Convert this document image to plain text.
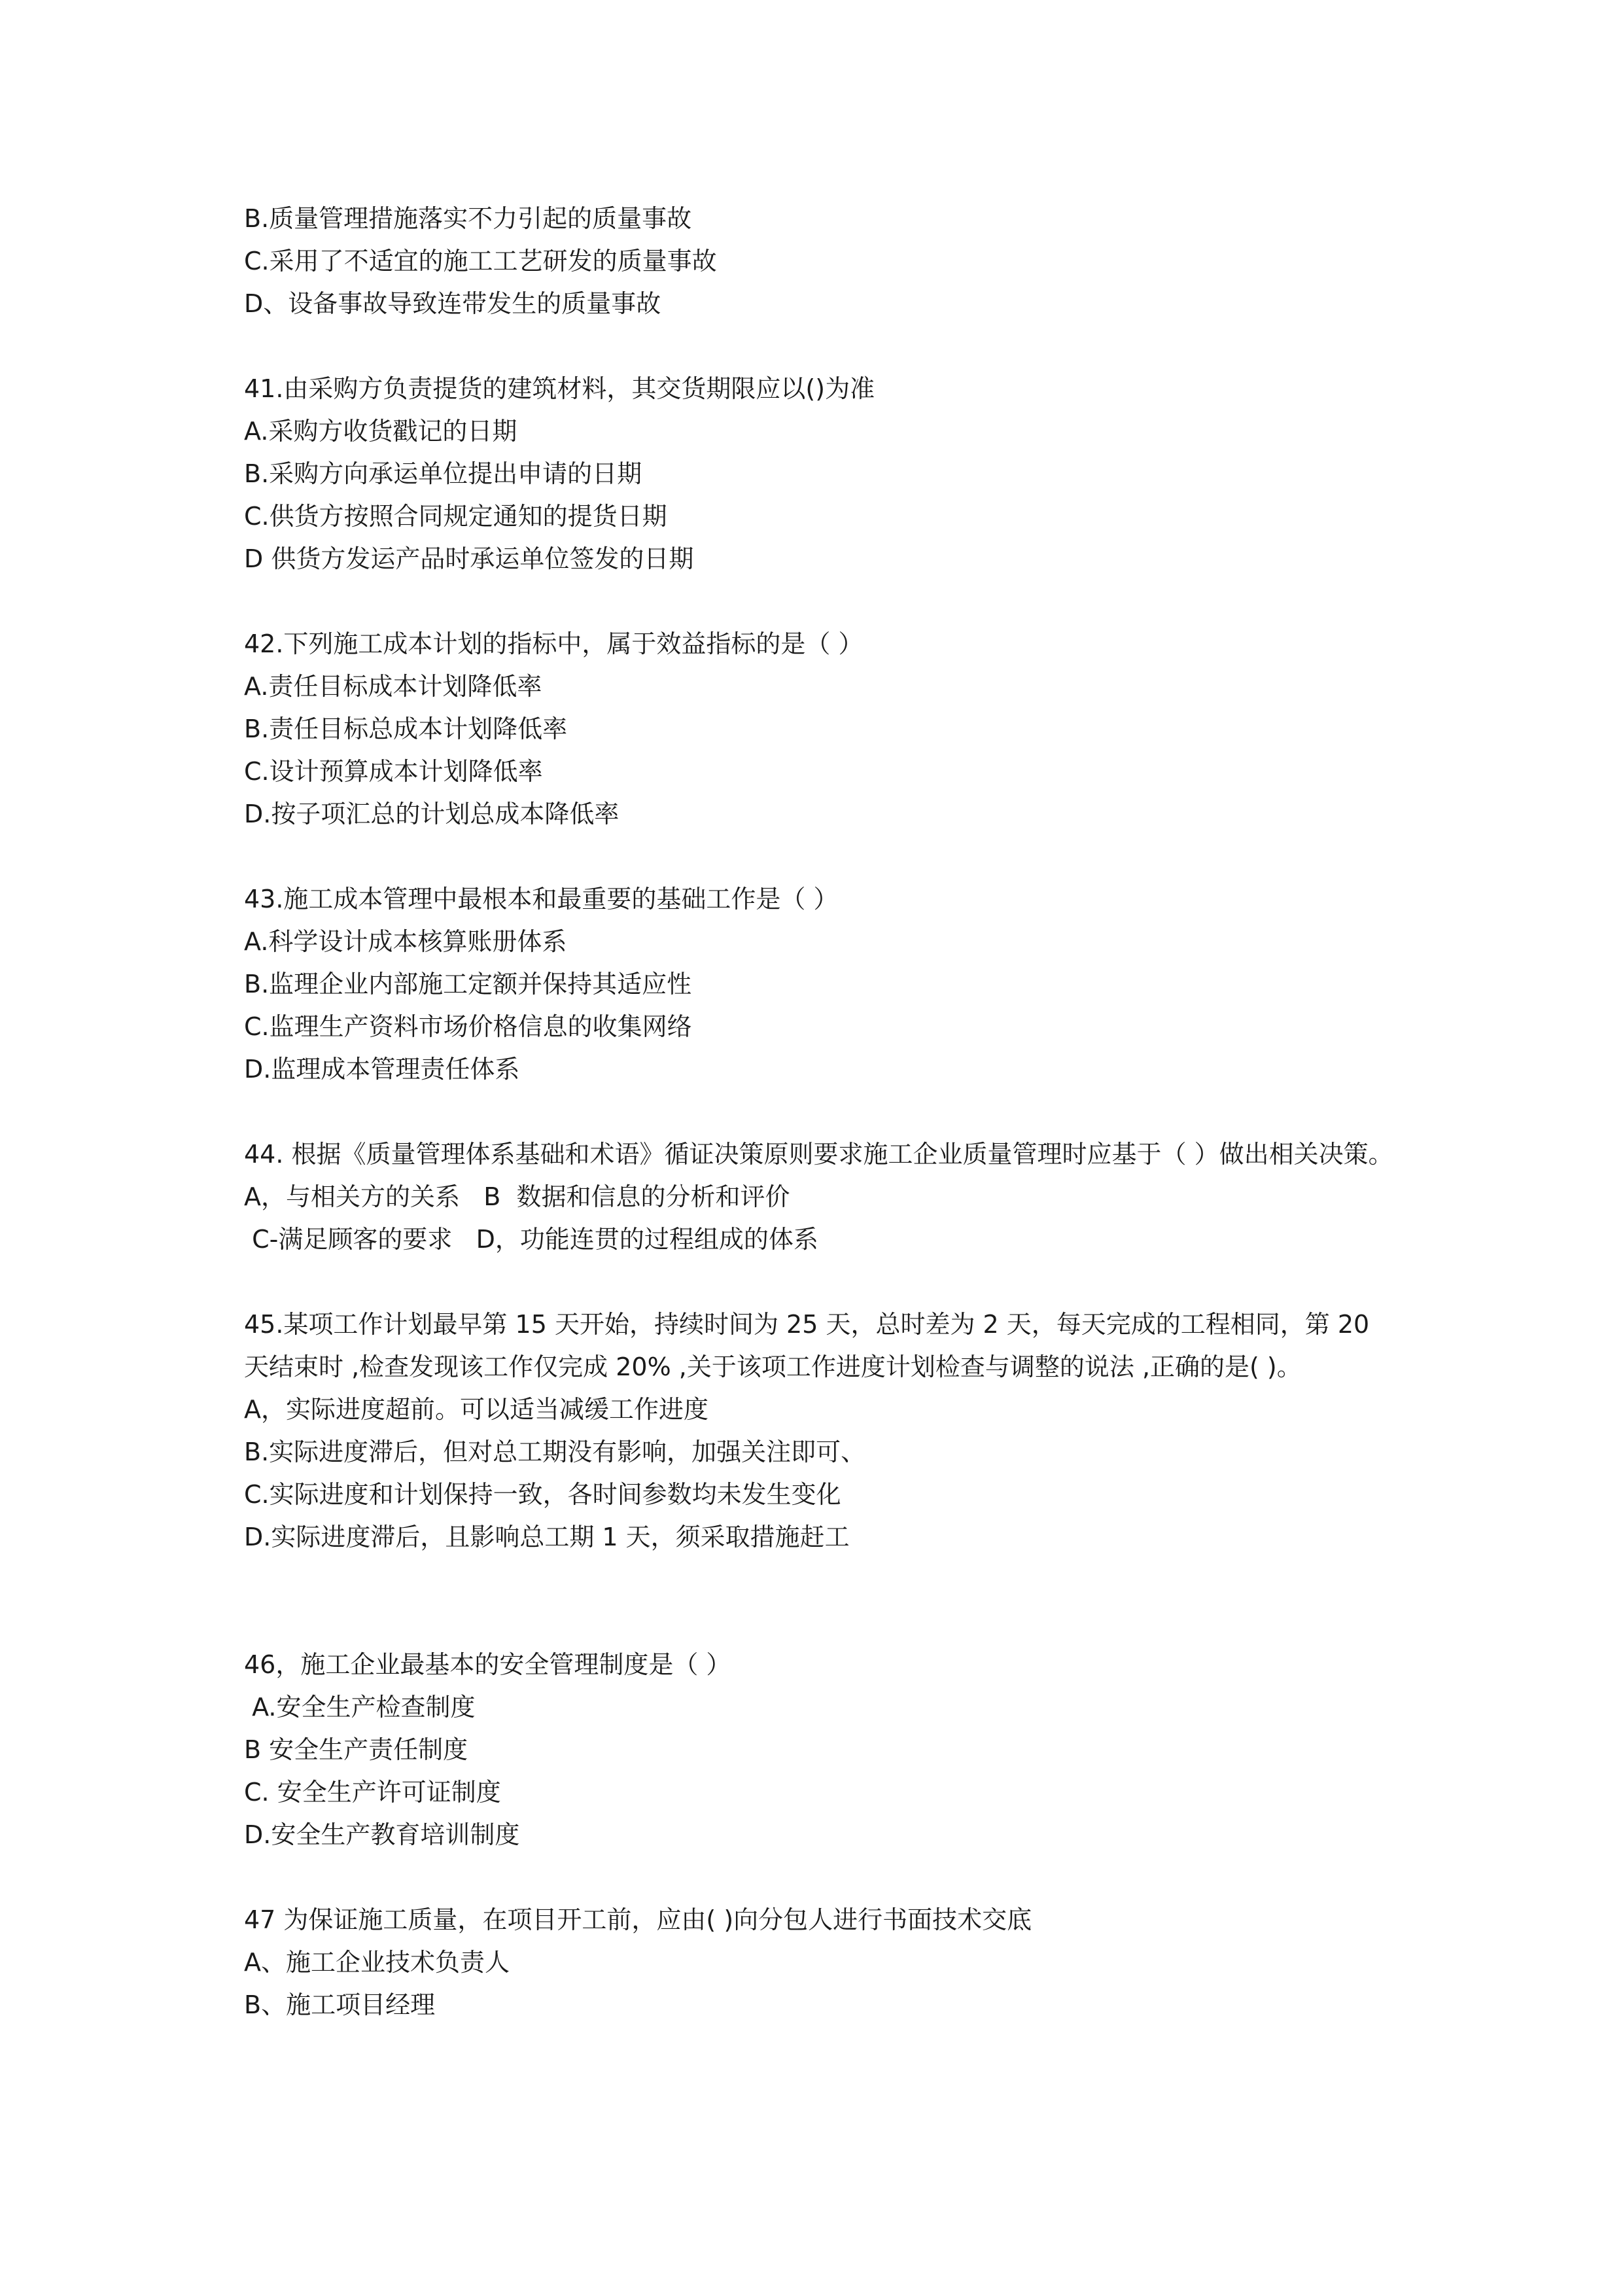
B.质量管理措施落实不力引起的质量事故
C.采用了不适宜的施工工艺研发的质量事故
D、设备事故导致连带发生的质量事故
41.由采购方负责提货的建筑材料，其交货期限应以()为准
A.采购方收货戳记的日期
B.采购方向承运单位提出申请的日期
C.供货方按照合同规定通知的提货日期
D 供货方发运产品时承运单位签发的日期
42.下列施工成本计划的指标中，属于效益指标的是（ ）
A.责任目标成本计划降低率
B.责任目标总成本计划降低率
C.设计预算成本计划降低率
D.按子项汇总的计划总成本降低率
43.施工成本管理中最根本和最重要的基础工作是（ ）
A.科学设计成本核算账册体系
B.监理企业内部施工定额并保持其适应性
C.监理生产资料市场价格信息的收集网络
D.监理成本管理责任体系
44. 根据《质量管理体系基础和术语》循证决策原则要求施工企业质量管理时应基于（ ）做出相关决策。
A，与相关方的关系   B  数据和信息的分析和评价
C-满足顾客的要求   D，功能连贯的过程组成的体系
45.某项工作计划最早第 15 天开始，持续时间为 25 天，总时差为 2 天，每天完成的工程相同，第 20 天结束时 ,检查发现该工作仅完成 20% ,关于该项工作进度计划检查与调整的说法 ,正确的是( )。
A，实际进度超前。可以适当减缓工作进度
B.实际进度滞后，但对总工期没有影响，加强关注即可、
C.实际进度和计划保持一致，各时间参数均未发生变化
D.实际进度滞后，且影响总工期 1 天，须采取措施赶工
46，施工企业最基本的安全管理制度是（ ）
A.安全生产检查制度
B 安全生产责任制度
C. 安全生产许可证制度
D.安全生产教育培训制度
47 为保证施工质量，在项目开工前，应由( )向分包人进行书面技术交底
A、施工企业技术负责人
B、施工项目经理
